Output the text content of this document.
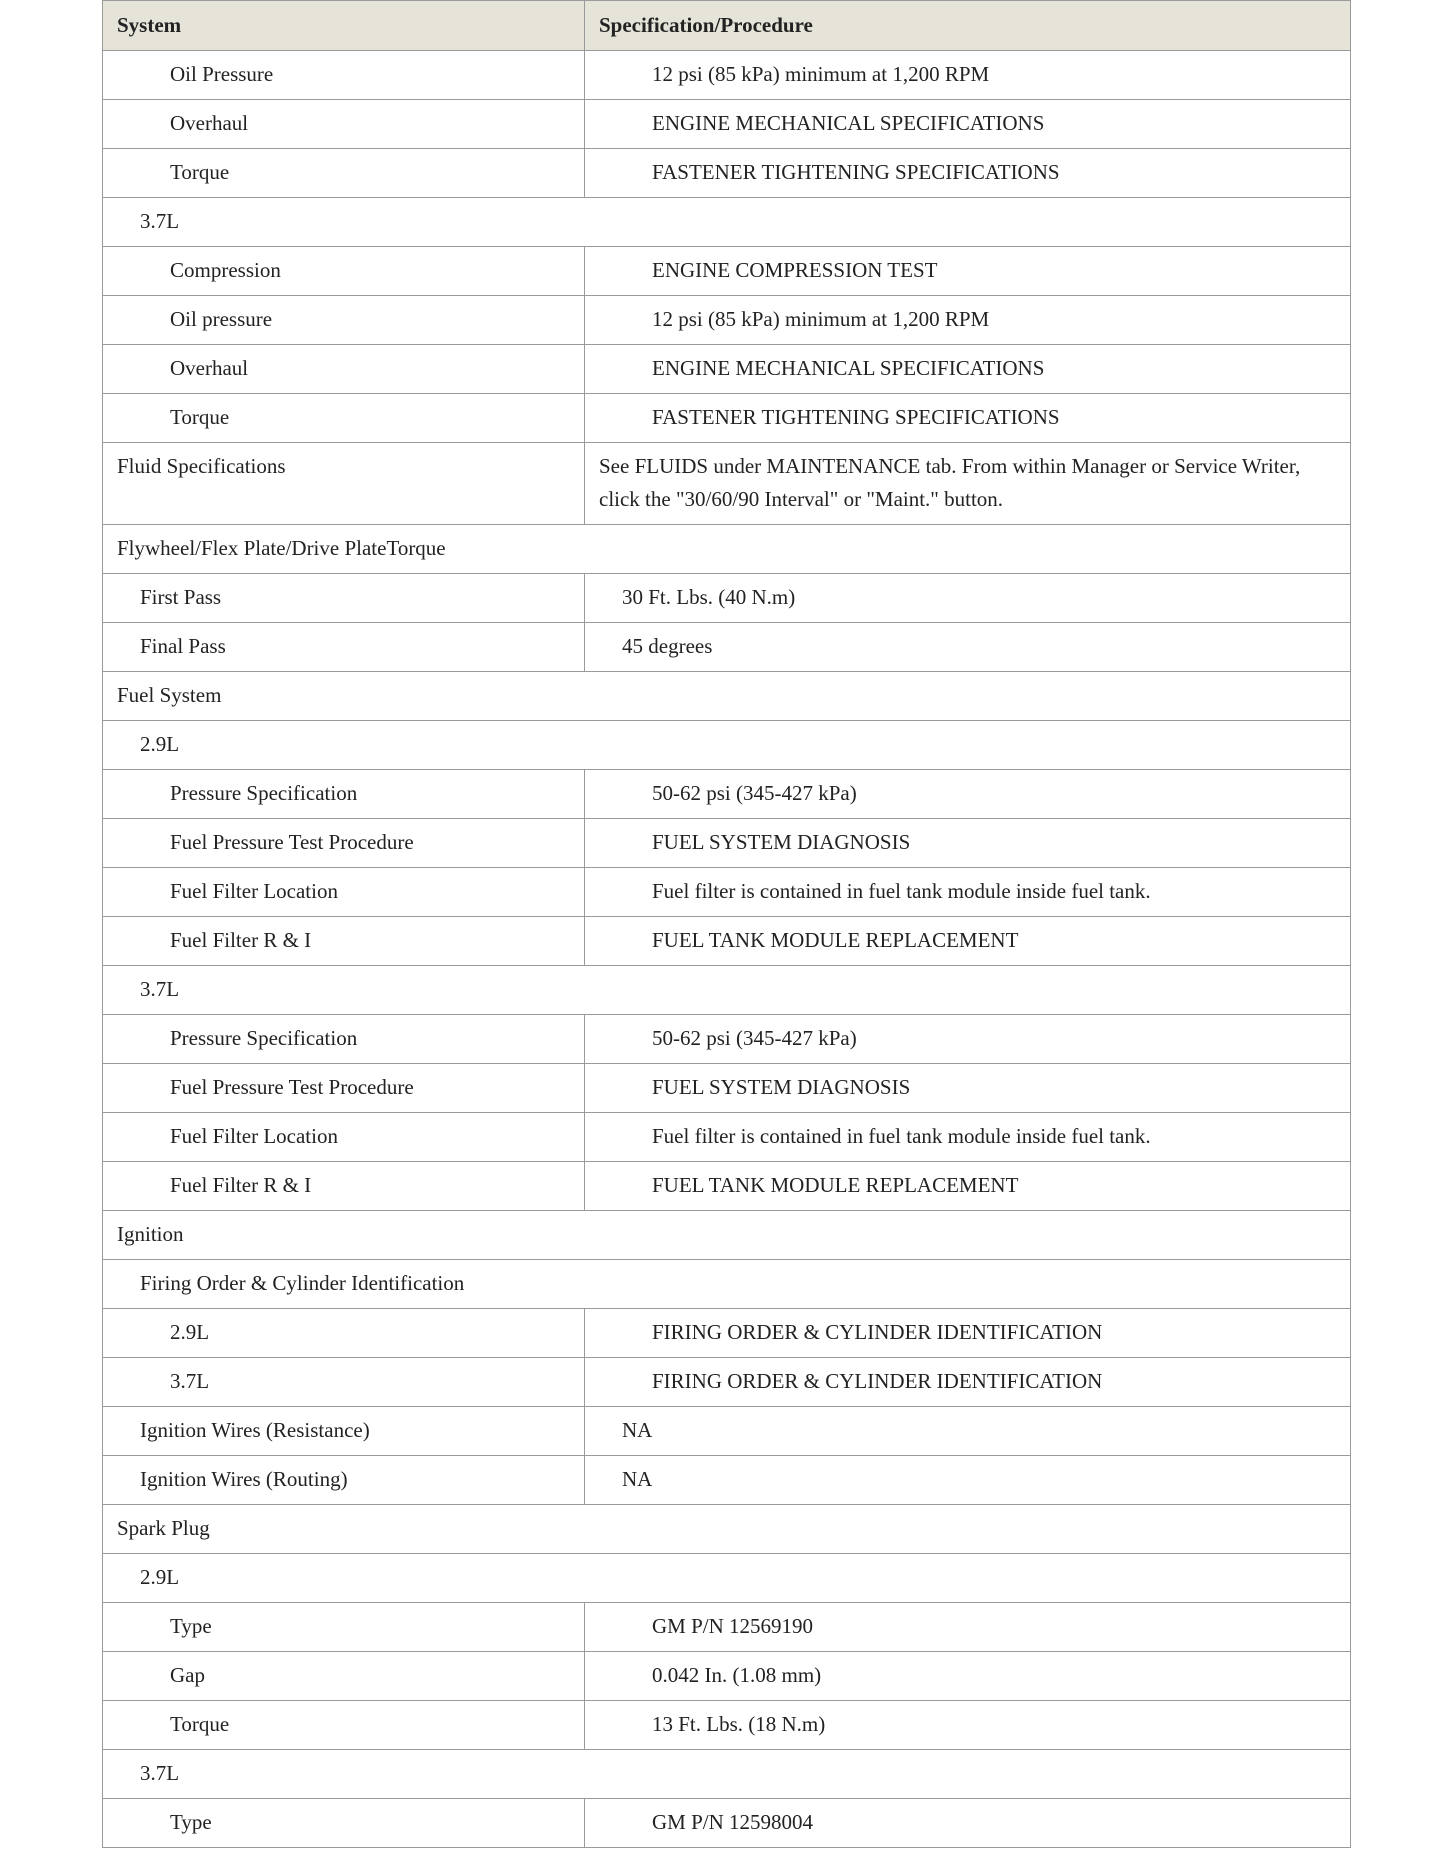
System	Specification/Procedure
Oil Pressure	12 psi (85 kPa) minimum at 1,200 RPM
Overhaul	ENGINE MECHANICAL SPECIFICATIONS
Torque	FASTENER TIGHTENING SPECIFICATIONS
3.7L	
Compression	ENGINE COMPRESSION TEST
Oil pressure	12 psi (85 kPa) minimum at 1,200 RPM
Overhaul	ENGINE MECHANICAL SPECIFICATIONS
Torque	FASTENER TIGHTENING SPECIFICATIONS
Fluid Specifications	See FLUIDS under MAINTENANCE tab. From within Manager or Service Writer, click the "30/60/90 Interval" or "Maint." button.
Flywheel/Flex Plate/Drive PlateTorque	
First Pass	30 Ft. Lbs. (40 N.m)
Final Pass	45 degrees
Fuel System	
2.9L	
Pressure Specification	50-62 psi (345-427 kPa)
Fuel Pressure Test Procedure	FUEL SYSTEM DIAGNOSIS
Fuel Filter Location	Fuel filter is contained in fuel tank module inside fuel tank.
Fuel Filter R & I	FUEL TANK MODULE REPLACEMENT
3.7L	
Pressure Specification	50-62 psi (345-427 kPa)
Fuel Pressure Test Procedure	FUEL SYSTEM DIAGNOSIS
Fuel Filter Location	Fuel filter is contained in fuel tank module inside fuel tank.
Fuel Filter R & I	FUEL TANK MODULE REPLACEMENT
Ignition	
Firing Order & Cylinder Identification	
2.9L	FIRING ORDER & CYLINDER IDENTIFICATION
3.7L	FIRING ORDER & CYLINDER IDENTIFICATION
Ignition Wires (Resistance)	NA
Ignition Wires (Routing)	NA
Spark Plug	
2.9L	
Type	GM P/N 12569190
Gap	0.042 In. (1.08 mm)
Torque	13 Ft. Lbs. (18 N.m)
3.7L	
Type	GM P/N 12598004
